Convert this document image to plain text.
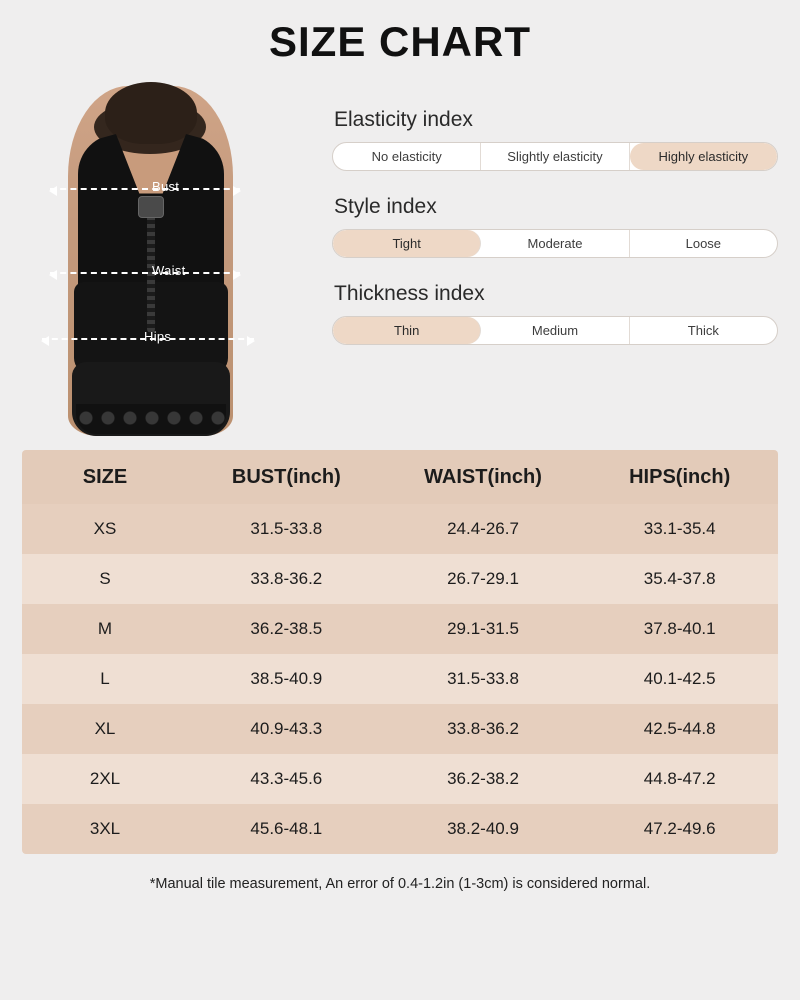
SIZE CHART
Bust
Waist
Hips
Elasticity index
No elasticity	Slightly elasticity	Highly elasticity
Style index
Tight	Moderate	Loose
Thickness index
Thin	Medium	Thick
SIZE	BUST(inch)	WAIST(inch)	HIPS(inch)
XS	31.5-33.8	24.4-26.7	33.1-35.4
S	33.8-36.2	26.7-29.1	35.4-37.8
M	36.2-38.5	29.1-31.5	37.8-40.1
L	38.5-40.9	31.5-33.8	40.1-42.5
XL	40.9-43.3	33.8-36.2	42.5-44.8
2XL	43.3-45.6	36.2-38.2	44.8-47.2
3XL	45.6-48.1	38.2-40.9	47.2-49.6
*Manual tile measurement, An error of 0.4-1.2in (1-3cm) is considered normal.
